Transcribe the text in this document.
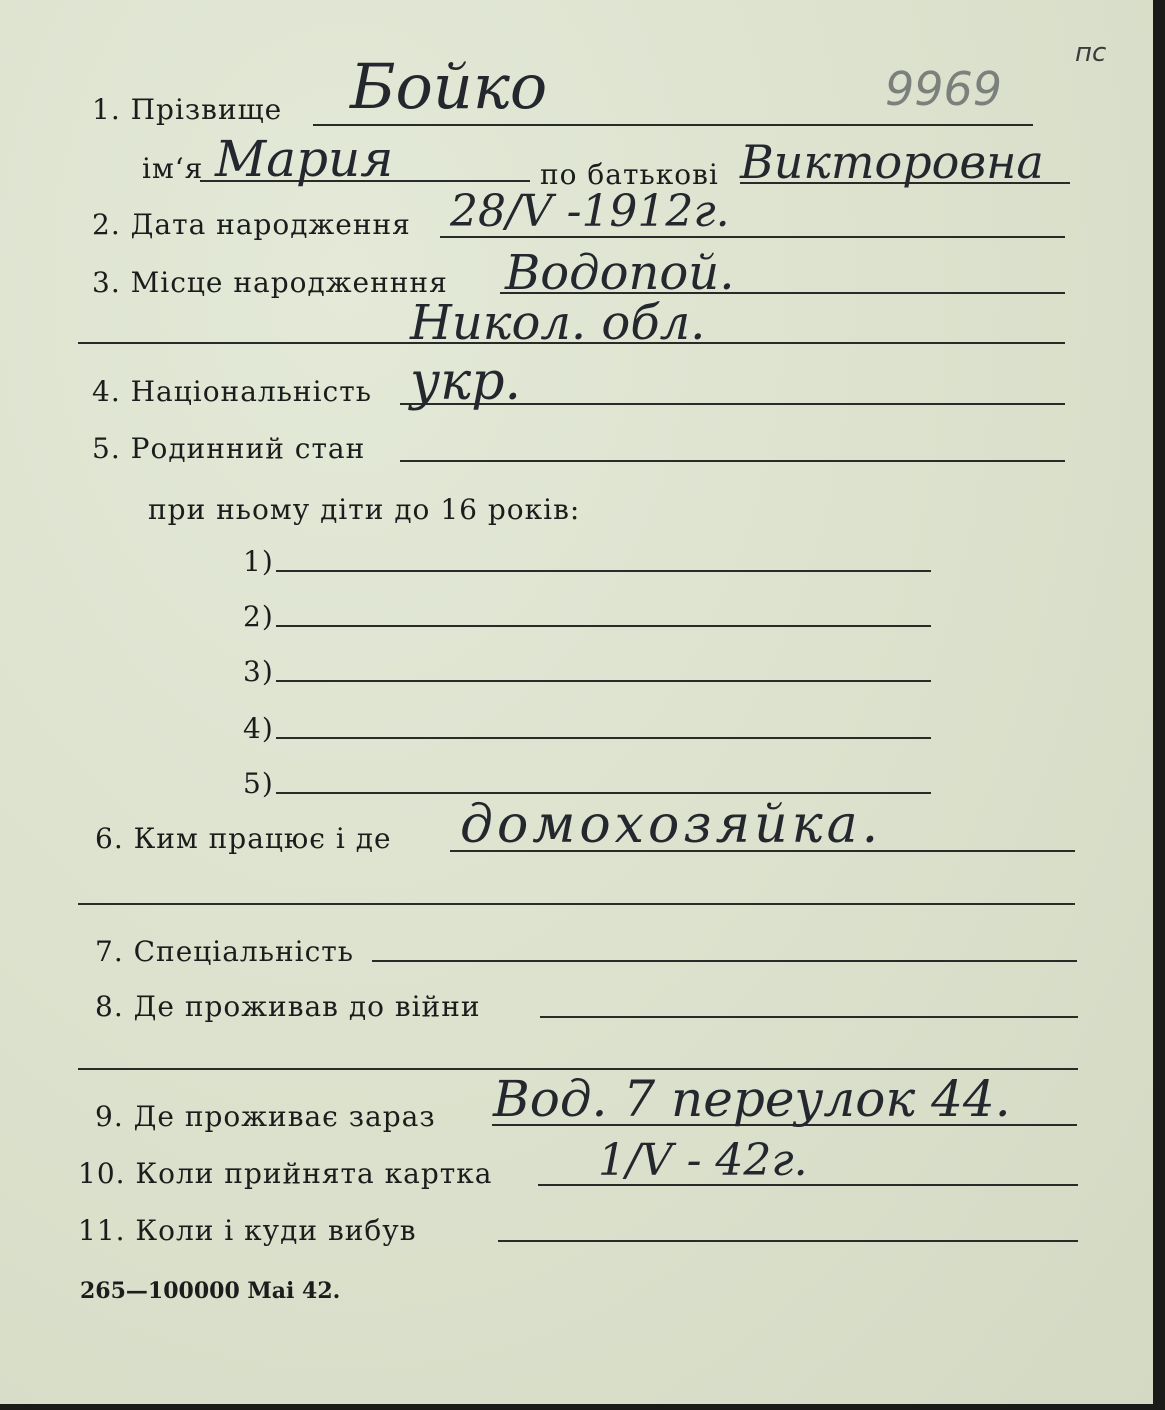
9969
пс
1. Прізвище Бойко
ім‘я Мария	по батькові Викторовна
2. Дата народження 28/𝑉 -1912г.
3. Місце народженння Водопой.
Никол. обл.
4. Національність укр.
5. Родинний стан
при ньому діти до 16 років:
1)
2)
3)
4)
5)
6. Ким працює і де домохозяйка.
7. Спеціальність
8. Де проживав до війни
9. Де проживає зараз Вод. 7 переулок 44.
10. Коли прийнята картка 1/𝑉 - 42г.
11. Коли і куди вибув
265—100000 Mai 42.
